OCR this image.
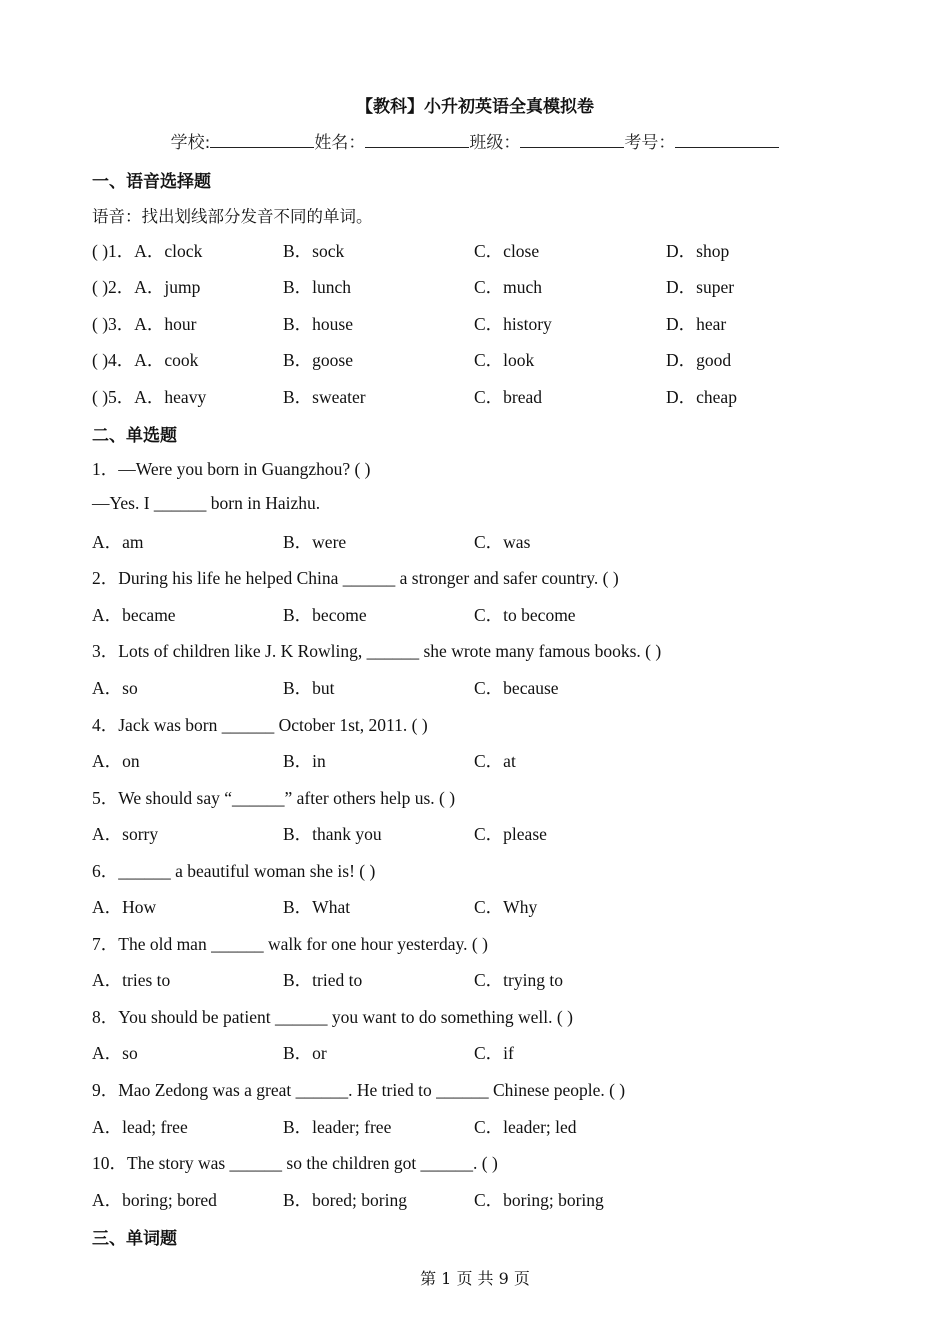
【教科】小升初英语全真模拟卷
学校:	姓名：	班级：	考号：
一、语音选择题
语音：找出划线部分发音不同的单词。
( )1．A．clock	B．sock	C．close	D．shop
( )2．A．jump	B．lunch	C．much	D．super
( )3．A．hour	B．house	C．history	D．hear
( )4．A．cook	B．goose	C．look	D．good
( )5．A．heavy	B．sweater	C．bread	D．cheap
二、单选题
1．—Were you born in Guangzhou? ( )
—Yes. I ______ born in Haizhu.
A．am	B．were	C．was
2．During his life he helped China ______ a stronger and safer country. ( )
A．became	B．become	C．to become
3．Lots of children like J. K Rowling, ______ she wrote many famous books. ( )
A．so	B．but	C．because
4．Jack was born ______ October 1st, 2011. ( )
A．on	B．in	C．at
5．We should say “______” after others help us. ( )
A．sorry	B．thank you	C．please
6．______ a beautiful woman she is! ( )
A．How	B．What	C．Why
7．The old man ______ walk for one hour yesterday. ( )
A．tries to	B．tried to	C．trying to
8．You should be patient ______ you want to do something well. ( )
A．so	B．or	C．if
9．Mao Zedong was a great ______. He tried to ______ Chinese people. ( )
A．lead; free	B．leader; free	C．leader; led
10．The story was ______ so the children got ______. ( )
A．boring; bored	B．bored; boring	C．boring; boring
三、单词题
第 1 页 共 9 页
